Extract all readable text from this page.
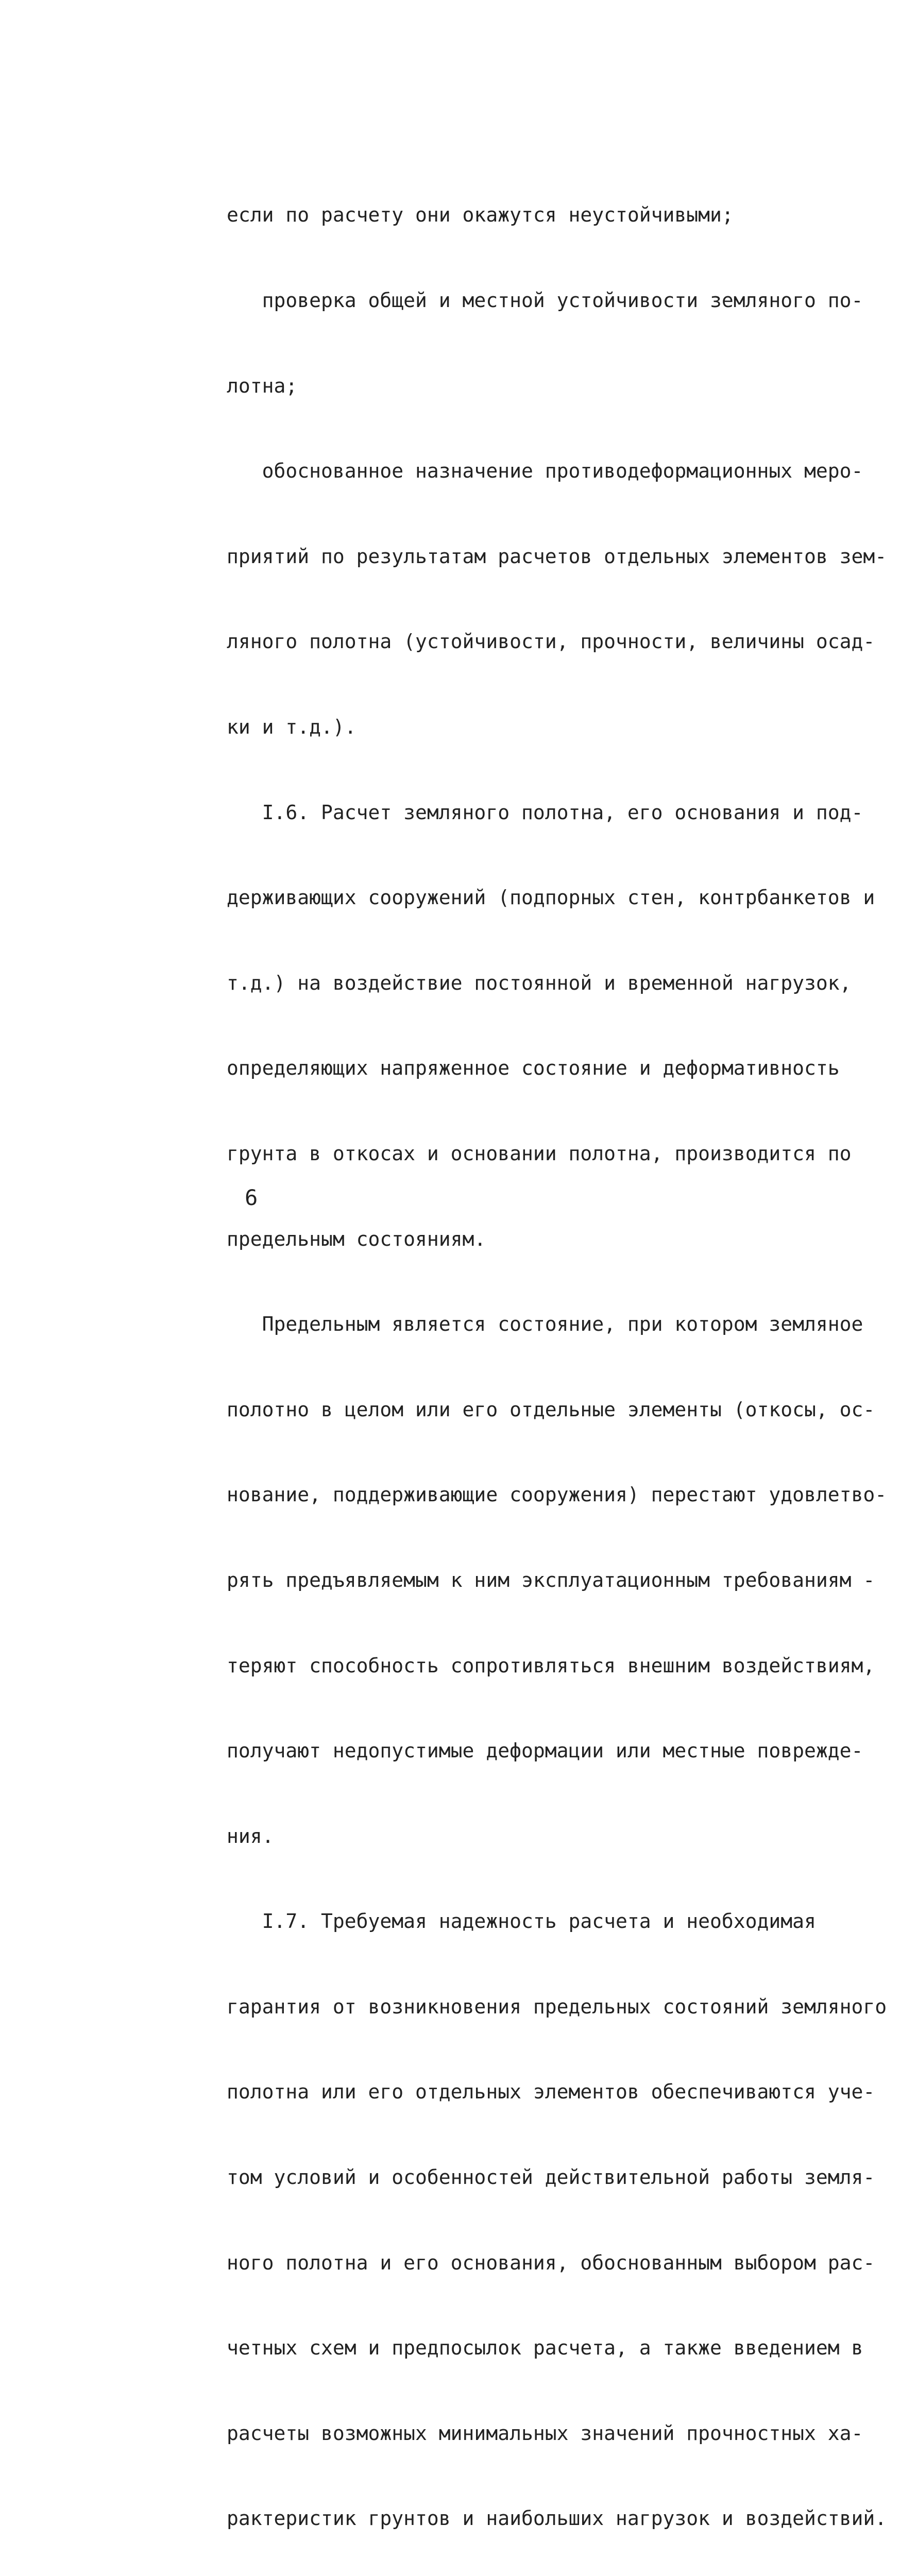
если по расчету они окажутся неустойчивыми;

проверка общей и местной устойчивости земляного по-

лотна;

обоснованное назначение противодеформационных меро-

приятий по результатам расчетов отдельных элементов зем-

ляного полотна (устойчивости, прочности, величины осад-

ки и т.д.).

I.6. Расчет земляного полотна, его основания и под-

держивающих сооружений (подпорных стен, контрбанкетов и

т.д.) на воздействие постоянной и временной нагрузок,

определяющих напряженное состояние и деформативность

грунта в откосах и основании полотна, производится по

предельным состояниям.

Предельным является состояние, при котором земляное

полотно в целом или его отдельные элементы (откосы, ос-

нование, поддерживающие сооружения) перестают удовлетво-

рять предъявляемым к ним эксплуатационным требованиям -

теряют способность сопротивляться внешним воздействиям,

получают недопустимые деформации или местные поврежде-

ния.

I.7. Требуемая надежность расчета и необходимая

гарантия от возникновения предельных состояний земляного

полотна или его отдельных элементов обеспечиваются уче-

том условий и особенностей действительной работы земля-

ного полотна и его основания, обоснованным выбором рас-

четных схем и предпосылок расчета, а также введением в

расчеты возможных минимальных значений прочностных ха-

рактеристик грунтов и наибольших нагрузок и воздействий.

6
